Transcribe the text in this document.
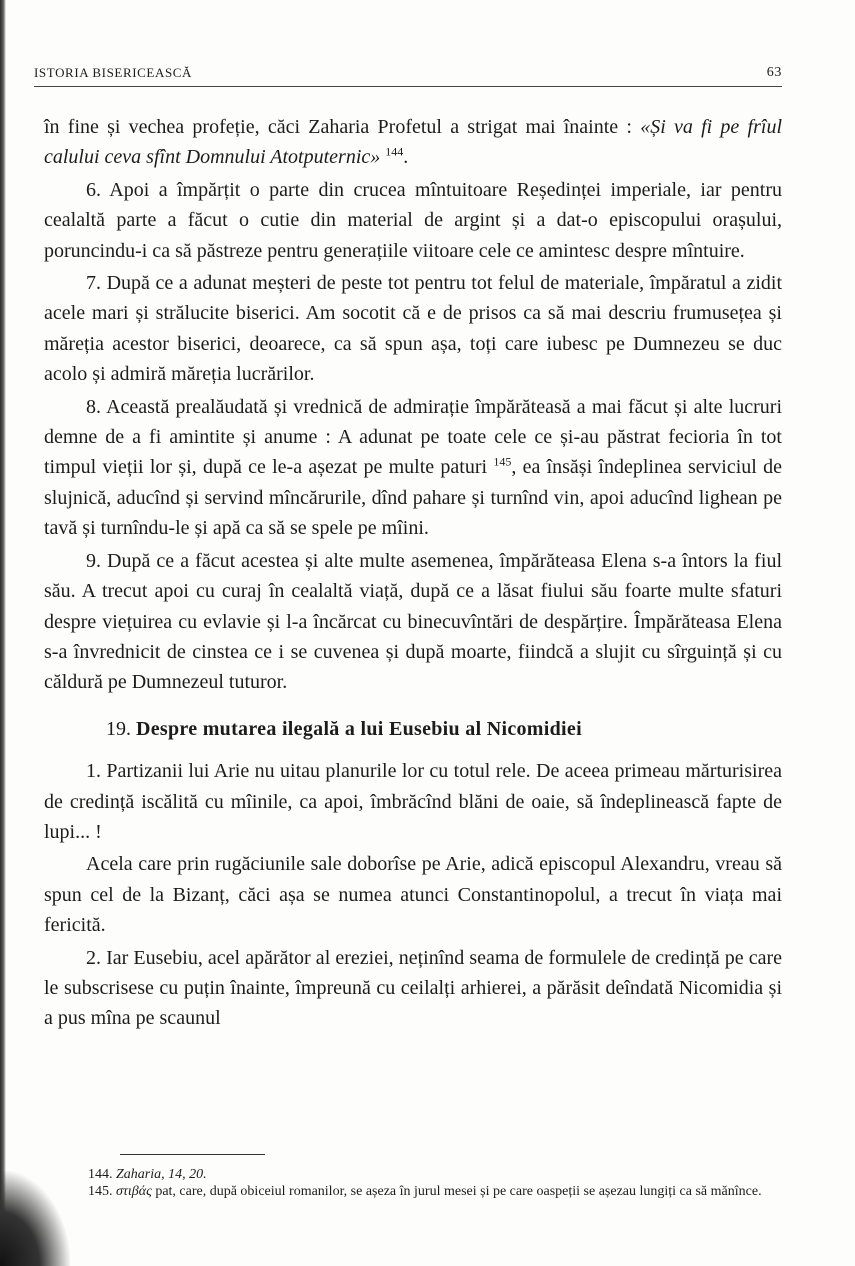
ISTORIA BISERICEASCĂ	63

în fine și vechea profeție, căci Zaharia Profetul a strigat mai înainte : «Și va fi pe frîul calului ceva sfînt Domnului Atotputernic» $^{144}$.

6. Apoi a împărțit o parte din crucea mîntuitoare Reședinței imperiale, iar pentru cealaltă parte a făcut o cutie din material de argint și a dat-o episcopului orașului, poruncindu-i ca să păstreze pentru generațiile viitoare cele ce amintesc despre mîntuire.

7. După ce a adunat meșteri de peste tot pentru tot felul de materiale, împăratul a zidit acele mari și strălucite biserici. Am socotit că e de prisos ca să mai descriu frumusețea și măreția acestor biserici, deoarece, ca să spun așa, toți care iubesc pe Dumnezeu se duc acolo și admiră măreția lucrărilor.

8. Această prealăudată și vrednică de admirație împărăteasă a mai făcut și alte lucruri demne de a fi amintite și anume : A adunat pe toate cele ce și-au păstrat fecioria în tot timpul vieții lor și, după ce le-a așezat pe multe paturi $^{145}$, ea însăși îndeplinea serviciul de slujnică, aducînd și servind mîncărurile, dînd pahare și turnînd vin, apoi aducînd lighean pe tavă și turnîndu-le și apă ca să se spele pe mîini.

9. După ce a făcut acestea și alte multe asemenea, împărăteasa Elena s-a întors la fiul său. A trecut apoi cu curaj în cealaltă viață, după ce a lăsat fiului său foarte multe sfaturi despre viețuirea cu evlavie și l-a încărcat cu binecuvîntări de despărțire. Împărăteasa Elena s-a învrednicit de cinstea ce i se cuvenea și după moarte, fiindcă a slujit cu sîrguință și cu căldură pe Dumnezeul tuturor.

19. Despre mutarea ilegală a lui Eusebiu al Nicomidiei

1. Partizanii lui Arie nu uitau planurile lor cu totul rele. De aceea primeau mărturisirea de credință iscălită cu mîinile, ca apoi, îmbrăcînd blăni de oaie, să îndeplinească fapte de lupi... !

Acela care prin rugăciunile sale doborîse pe Arie, adică episcopul Alexandru, vreau să spun cel de la Bizanț, căci așa se numea atunci Constantinopolul, a trecut în viața mai fericită.

2. Iar Eusebiu, acel apărător al ereziei, neținînd seama de formulele de credință pe care le subscrisese cu puțin înainte, împreună cu ceilalți arhierei, a părăsit deîndată Nicomidia și a pus mîna pe scaunul

144. Zaharia, 14, 20.

145. στιβάς pat, care, după obiceiul romanilor, se așeza în jurul mesei și pe care oaspeții se așezau lungiți ca să mănînce.
